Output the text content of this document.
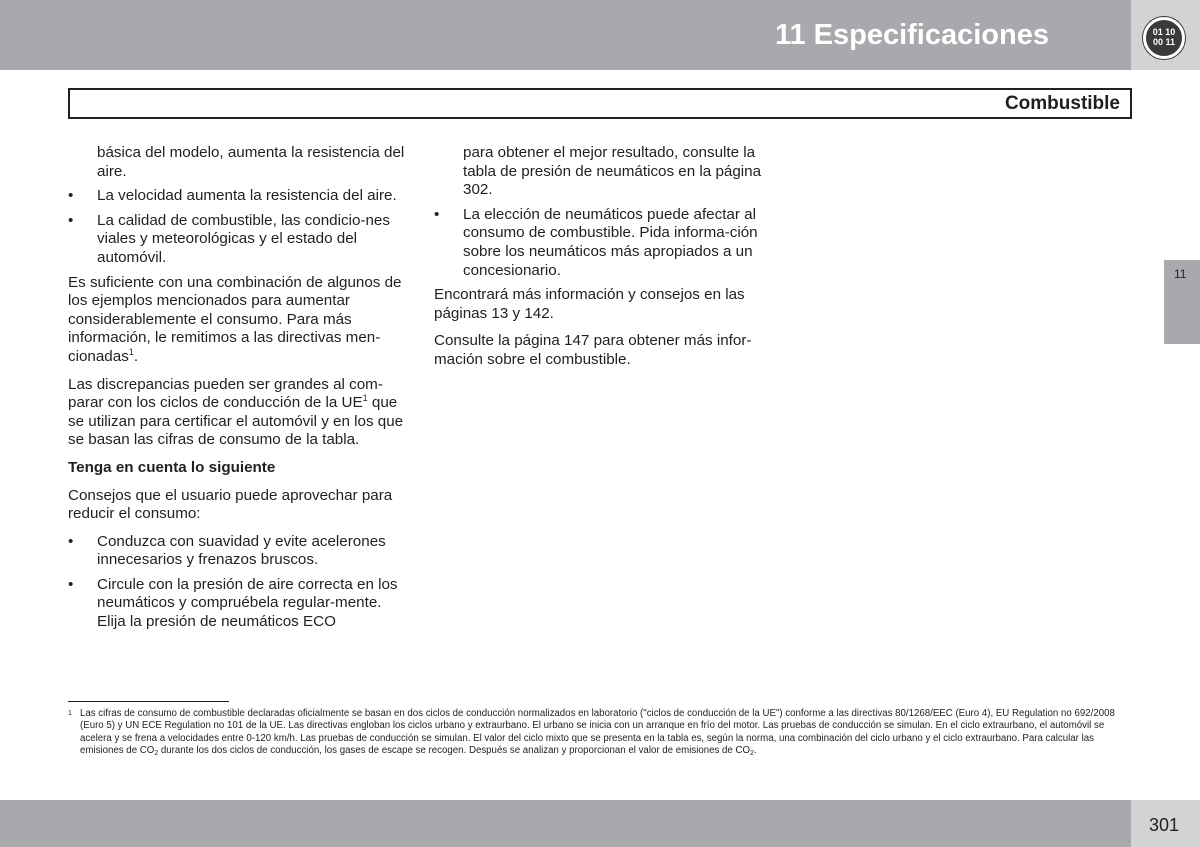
11 Especificaciones	01 10
00 11
Combustible

básica del modelo, aumenta la resistencia del aire.

• La velocidad aumenta la resistencia del aire.
• La calidad de combustible, las condicio-nes viales y meteorológicas y el estado del automóvil.

Es suficiente con una combinación de algunos de los ejemplos mencionados para aumentar considerablemente el consumo. Para más información, le remitimos a las directivas men-cionadas$^1$.

Las discrepancias pueden ser grandes al com-parar con los ciclos de conducción de la $UE^1$ que se utilizan para certificar el automóvil y en los que se basan las cifras de consumo de la tabla.

Tenga en cuenta lo siguiente

Consejos que el usuario puede aprovechar para reducir el consumo:

• Conduzca con suavidad y evite acelerones innecesarios y frenazos bruscos.
• Circule con la presión de aire correcta en los neumáticos y compruébela regular-mente. Elija la presión de neumáticos ECO

para obtener el mejor resultado, consulte la tabla de presión de neumáticos en la página 302.

• La elección de neumáticos puede afectar al consumo de combustible. Pida informa-ción sobre los neumáticos más apropiados a un concesionario.

Encontrará más información y consejos en las páginas 13 y 142.

Consulte la página 147 para obtener más infor-mación sobre el combustible.

11
1 Las cifras de consumo de combustible declaradas oficialmente se basan en dos ciclos de conducción normalizados en laboratorio ("ciclos de conducción de la UE") conforme a las directivas 80/1268/EEC (Euro 4), EU Regulation no 692/2008 (Euro 5) y UN ECE Regulation no 101 de la UE. Las directivas engloban los ciclos urbano y extraurbano. El urbano se inicia con un arranque en frío del motor. Las pruebas de conducción se simulan. En el ciclo extraurbano, el automóvil se acelera y se frena a velocidades entre 0-120 km/h. Las pruebas de conducción se simulan. El valor del ciclo mixto que se presenta en la tabla es, según la norma, una combinación del ciclo urbano y el ciclo extraurbano. Para calcular las emisiones de $CO_2$ durante los dos ciclos de conducción, los gases de escape se recogen. Después se analizan y proporcionan el valor de emisiones de $CO_2$.
301
